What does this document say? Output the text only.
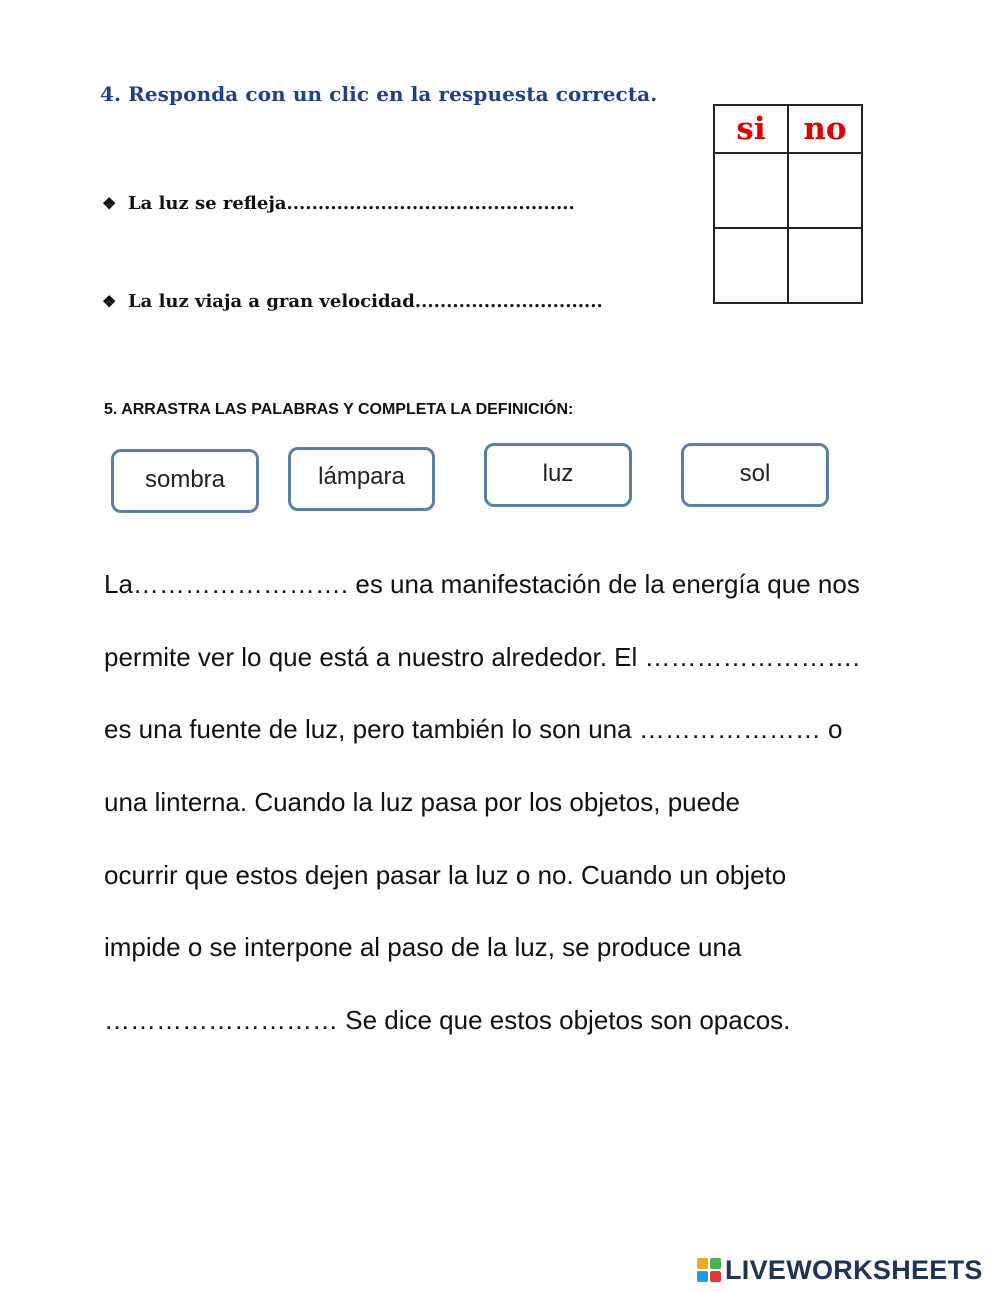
4. Responda con un clic en la respuesta correcta.
❖ La luz se refleja..............................................
❖ La luz viaja a gran velocidad..............................
si	no

5. ARRASTRA LAS PALABRAS Y COMPLETA LA DEFINICIÓN:
sombra	lámpara	luz	sol
La……………………. es una manifestación de la energía que nos
permite ver lo que está a nuestro alrededor. El …………………….
es una fuente de luz, pero también lo son una ………………… o
una linterna. Cuando la luz pasa por los objetos, puede
ocurrir que estos dejen pasar la luz o no. Cuando un objeto
impide o se interpone al paso de la luz, se produce una
……………………… Se dice que estos objetos son opacos.
LIVEWORKSHEETS
